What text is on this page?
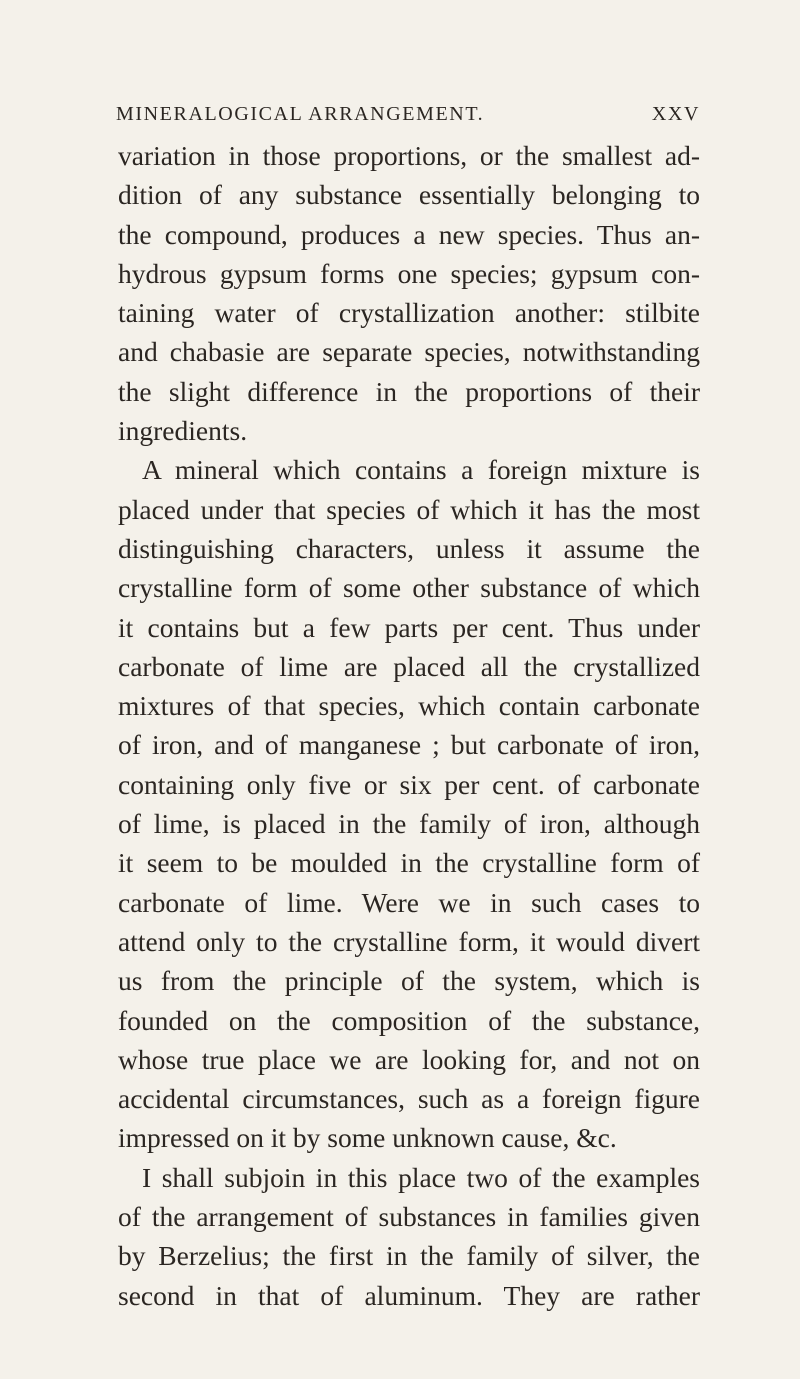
MINERALOGICAL ARRANGEMENT.	XXV
variation in those proportions, or the smallest ad-
dition of any substance essentially belonging to
the compound, produces a new species. Thus an-
hydrous gypsum forms one species; gypsum con-
taining water of crystallization another: stilbite
and chabasie are separate species, notwithstanding
the slight difference in the proportions of their
ingredients.
A mineral which contains a foreign mixture is
placed under that species of which it has the most
distinguishing characters, unless it assume the
crystalline form of some other substance of which
it contains but a few parts per cent. Thus under
carbonate of lime are placed all the crystallized
mixtures of that species, which contain carbonate
of iron, and of manganese ; but carbonate of iron,
containing only five or six per cent. of carbonate
of lime, is placed in the family of iron, although
it seem to be moulded in the crystalline form of
carbonate of lime. Were we in such cases to
attend only to the crystalline form, it would divert
us from the principle of the system, which is
founded on the composition of the substance,
whose true place we are looking for, and not on
accidental circumstances, such as a foreign figure
impressed on it by some unknown cause, &c.
I shall subjoin in this place two of the examples
of the arrangement of substances in families given
by Berzelius; the first in the family of silver, the
second in that of aluminum. They are rather
